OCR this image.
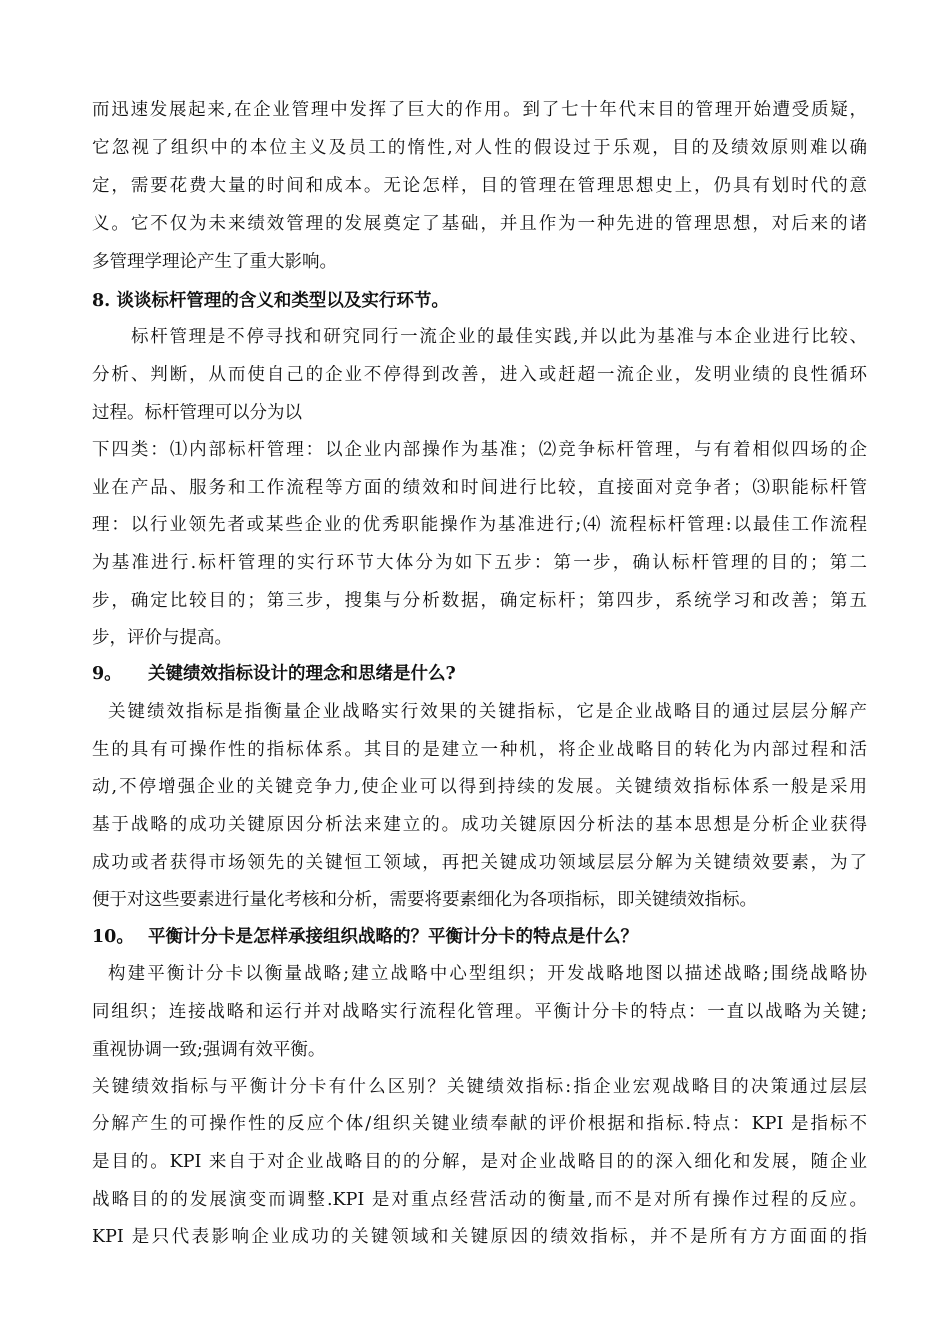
而迅速发展起来,在企业管理中发挥了巨大的作用。到了七十年代末目的管理开始遭受质疑，
它忽视了组织中的本位主义及员工的惰性,对人性的假设过于乐观，目的及绩效原则难以确
定，需要花费大量的时间和成本。无论怎样，目的管理在管理思想史上，仍具有划时代的意
义。它不仅为未来绩效管理的发展奠定了基础，并且作为一种先进的管理思想，对后来的诸
多管理学理论产生了重大影响。
8. 谈谈标杆管理的含义和类型以及实行环节。
标杆管理是不停寻找和研究同行一流企业的最佳实践,并以此为基准与本企业进行比较、
分析、判断，从而使自己的企业不停得到改善，进入或赶超一流企业，发明业绩的良性循环
过程。标杆管理可以分为以
下四类：⑴内部标杆管理：以企业内部操作为基准；⑵竞争标杆管理，与有着相似四场的企
业在产品、服务和工作流程等方面的绩效和时间进行比较，直接面对竞争者；⑶职能标杆管
理：以行业领先者或某些企业的优秀职能操作为基准进行;⑷ 流程标杆管理:以最佳工作流程
为基准进行.标杆管理的实行环节大体分为如下五步：第一步，确认标杆管理的目的；第二
步，确定比较目的；第三步，搜集与分析数据，确定标杆；第四步，系统学习和改善；第五
步，评价与提高。
9。 关键绩效指标设计的理念和思绪是什么?
关键绩效指标是指衡量企业战略实行效果的关键指标，它是企业战略目的通过层层分解产
生的具有可操作性的指标体系。其目的是建立一种机，将企业战略目的转化为内部过程和活
动,不停增强企业的关键竞争力,使企业可以得到持续的发展。关键绩效指标体系一般是采用
基于战略的成功关键原因分析法来建立的。成功关键原因分析法的基本思想是分析企业获得
成功或者获得市场领先的关键恒工领域，再把关键成功领域层层分解为关键绩效要素，为了
便于对这些要素进行量化考核和分析，需要将要素细化为各项指标，即关键绩效指标。
10。 平衡计分卡是怎样承接组织战略的？平衡计分卡的特点是什么？
构建平衡计分卡以衡量战略;建立战略中心型组织；开发战略地图以描述战略;围绕战略协
同组织；连接战略和运行并对战略实行流程化管理。平衡计分卡的特点：一直以战略为关键;
重视协调一致;强调有效平衡。
关键绩效指标与平衡计分卡有什么区别？关键绩效指标:指企业宏观战略目的决策通过层层
分解产生的可操作性的反应个体/组织关键业绩奉献的评价根据和指标.特点：KPI 是指标不
是目的。KPI 来自于对企业战略目的的分解，是对企业战略目的的深入细化和发展，随企业
战略目的的发展演变而调整.KPI 是对重点经营活动的衡量,而不是对所有操作过程的反应。
KPI 是只代表影响企业成功的关键领域和关键原因的绩效指标，并不是所有方方面面的指
